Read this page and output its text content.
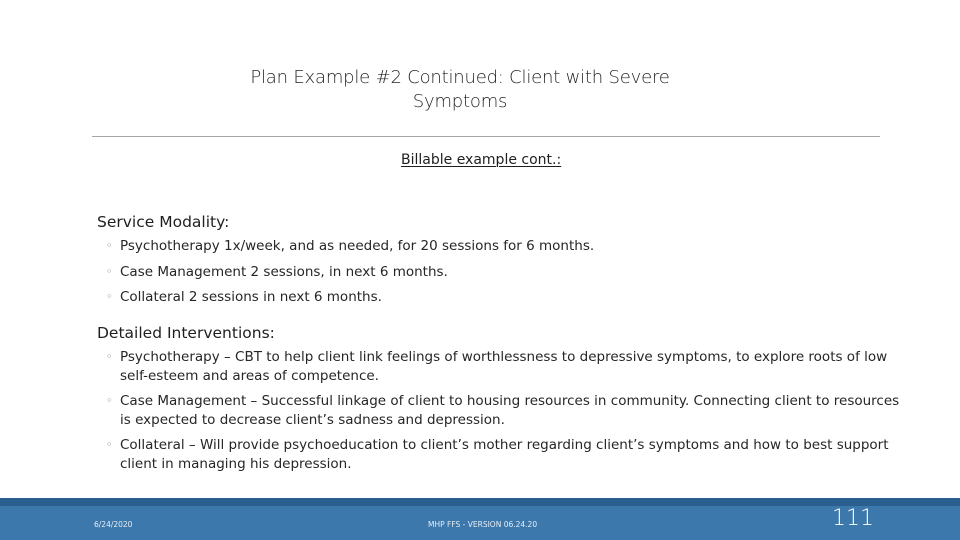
Plan Example #2 Continued: Client with Severe
Symptoms
Billable example cont.:
Service Modality:
◦ Psychotherapy 1x/week, and as needed, for 20 sessions for 6 months.
◦ Case Management 2 sessions, in next 6 months.
◦ Collateral 2 sessions in next 6 months.
Detailed Interventions:
◦ Psychotherapy – CBT to help client link feelings of worthlessness to depressive symptoms, to explore roots of low self-esteem and areas of competence.
◦ Case Management – Successful linkage of client to housing resources in community. Connecting client to resources is expected to decrease client’s sadness and depression.
◦ Collateral – Will provide psychoeducation to client’s mother regarding client’s symptoms and how to best support client in managing his depression.
6/24/2020	MHP FFS - VERSION 06.24.20	111
